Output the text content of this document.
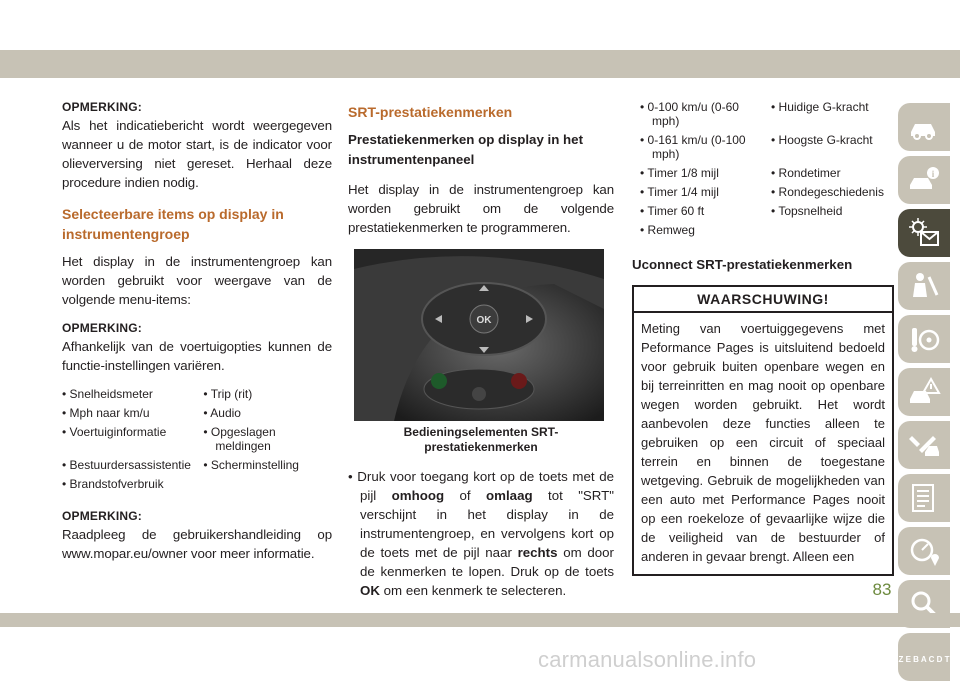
OPMERKING:
Als het indicatiebericht wordt weergegeven wanneer u de motor start, is de indicator voor olieverversing niet gereset. Herhaal deze procedure indien nodig.
Selecteerbare items op display in instrumentengroep
Het display in de instrumentengroep kan worden gebruikt voor weergave van de volgende menu-items:
OPMERKING:
Afhankelijk van de voertuigopties kunnen de functie-instellingen variëren.
• Snelheidsmeter	• Trip (rit)
• Mph naar km/u	• Audio
• Voertuiginformatie	• Opgeslagen meldingen
• Bestuurdersassistentie	• Scherminstelling
• Brandstofverbruik
OPMERKING:
Raadpleeg de gebruikershandleiding op www.mopar.eu/owner voor meer informatie.
SRT-prestatiekenmerken
Prestatiekenmerken op display in het instrumentenpaneel
Het display in de instrumentengroep kan worden gebruikt om de volgende prestatiekenmerken te programmeren.
OK
Bedieningselementen SRT-prestatiekenmerken
• Druk voor toegang kort op de toets met de pijl omhoog of omlaag tot "SRT" verschijnt in het display in de instrumentengroep, en vervolgens kort op de toets met de pijl naar rechts om door de kenmerken te lopen. Druk op de toets OK om een kenmerk te selecteren.
• 0-100 km/u (0-60 mph)
• Huidige G-kracht
• 0-161 km/u (0-100 mph)
• Hoogste G-kracht
• Timer 1/8 mijl	• Rondetimer
• Timer 1/4 mijl	• Rondegeschiedenis
• Timer 60 ft	• Topsnelheid
• Remweg
Uconnect SRT-prestatiekenmerken
WAARSCHUWING!
Meting van voertuiggegevens met Peformance Pages is uitsluitend bedoeld voor gebruik buiten openbare wegen en bij terreinritten en mag nooit op openbare wegen worden gebruikt. Het wordt aanbevolen deze functies alleen te gebruiken op een circuit of speciaal terrein en binnen de toegestane wetgeving. Gebruik de mogelijkheden van een auto met Performance Pages nooit op een roekeloze of gevaarlijke wijze die de veiligheid van de bestuurder of anderen in gevaar brengt. Alleen een
i
Z E B A C D T
83
carmanualsonline.info
